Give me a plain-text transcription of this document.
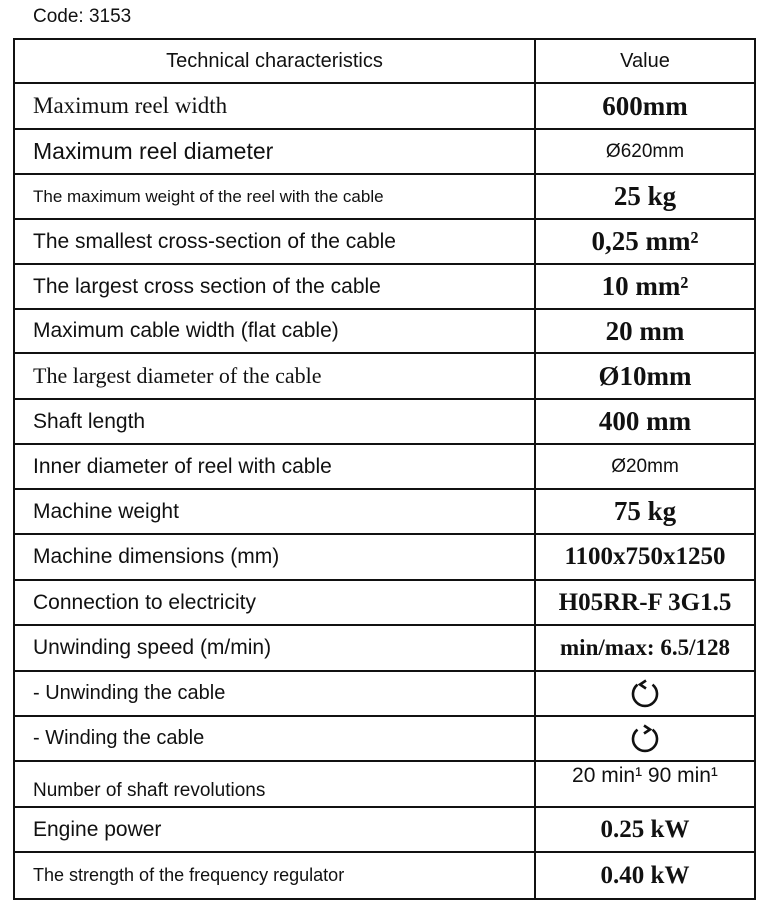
Code: 3153
Technical characteristics	Value
Maximum reel width	600mm
Maximum reel diameter	Ø620mm
The maximum weight of the reel with the cable	25 kg
The smallest cross-section of the cable	0,25 mm²
The largest cross section of the cable	10 mm²
Maximum cable width (flat cable)	20 mm
The largest diameter of the cable	Ø10mm
Shaft length	400 mm
Inner diameter of reel with cable	Ø20mm
Machine weight	75 kg
Machine dimensions (mm)	1100x750x1250
Connection to electricity	H05RR-F 3G1.5
Unwinding speed (m/min)	min/max: 6.5/128
- Unwinding the cable	

- Winding the cable	

Number of shaft revolutions	20 min¹ 90 min¹
Engine power	0.25 kW
The strength of the frequency regulator	0.40 kW
